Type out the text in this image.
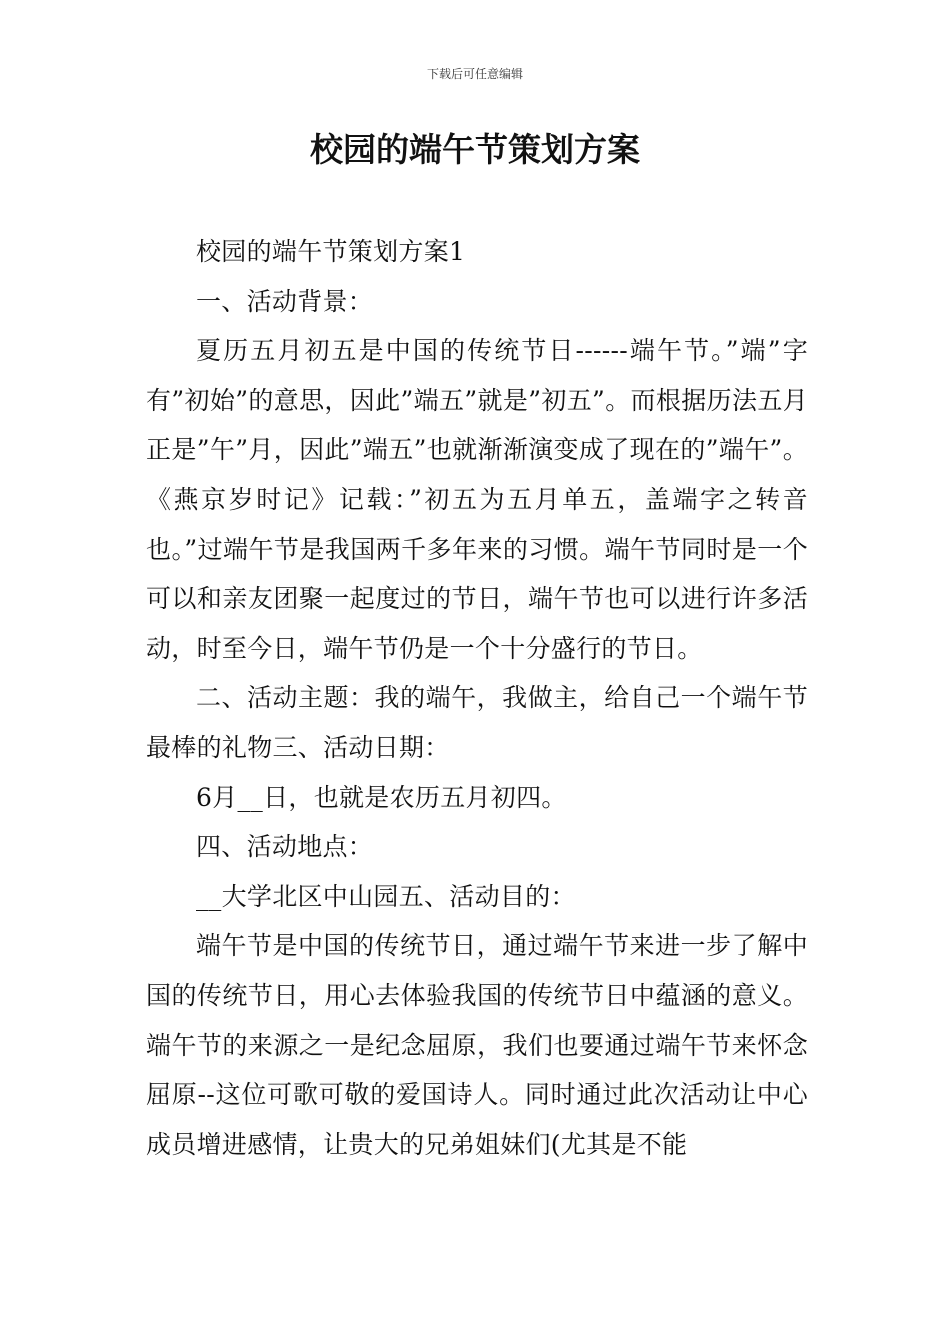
下载后可任意编辑
校园的端午节策划方案

校园的端午节策划方案1

一、活动背景：

夏历五月初五是中国的传统节日------端午节。”端”字有”初始”的意思，因此”端五”就是”初五”。而根据历法五月正是”午”月，因此”端五”也就渐渐演变成了现在的”端午”。《燕京岁时记》记载：”初五为五月单五，盖端字之转音也。”过端午节是我国两千多年来的习惯。端午节同时是一个可以和亲友团聚一起度过的节日，端午节也可以进行许多活动，时至今日，端午节仍是一个十分盛行的节日。

二、活动主题：我的端午，我做主，给自己一个端午节最棒的礼物三、活动日期：

6月__日，也就是农历五月初四。

四、活动地点：

__大学北区中山园五、活动目的：

端午节是中国的传统节日，通过端午节来进一步了解中国的传统节日，用心去体验我国的传统节日中蕴涵的意义。端午节的来源之一是纪念屈原，我们也要通过端午节来怀念屈原--这位可歌可敬的爱国诗人。同时通过此次活动让中心成员增进感情，让贵大的兄弟姐妹们(尤其是不能
